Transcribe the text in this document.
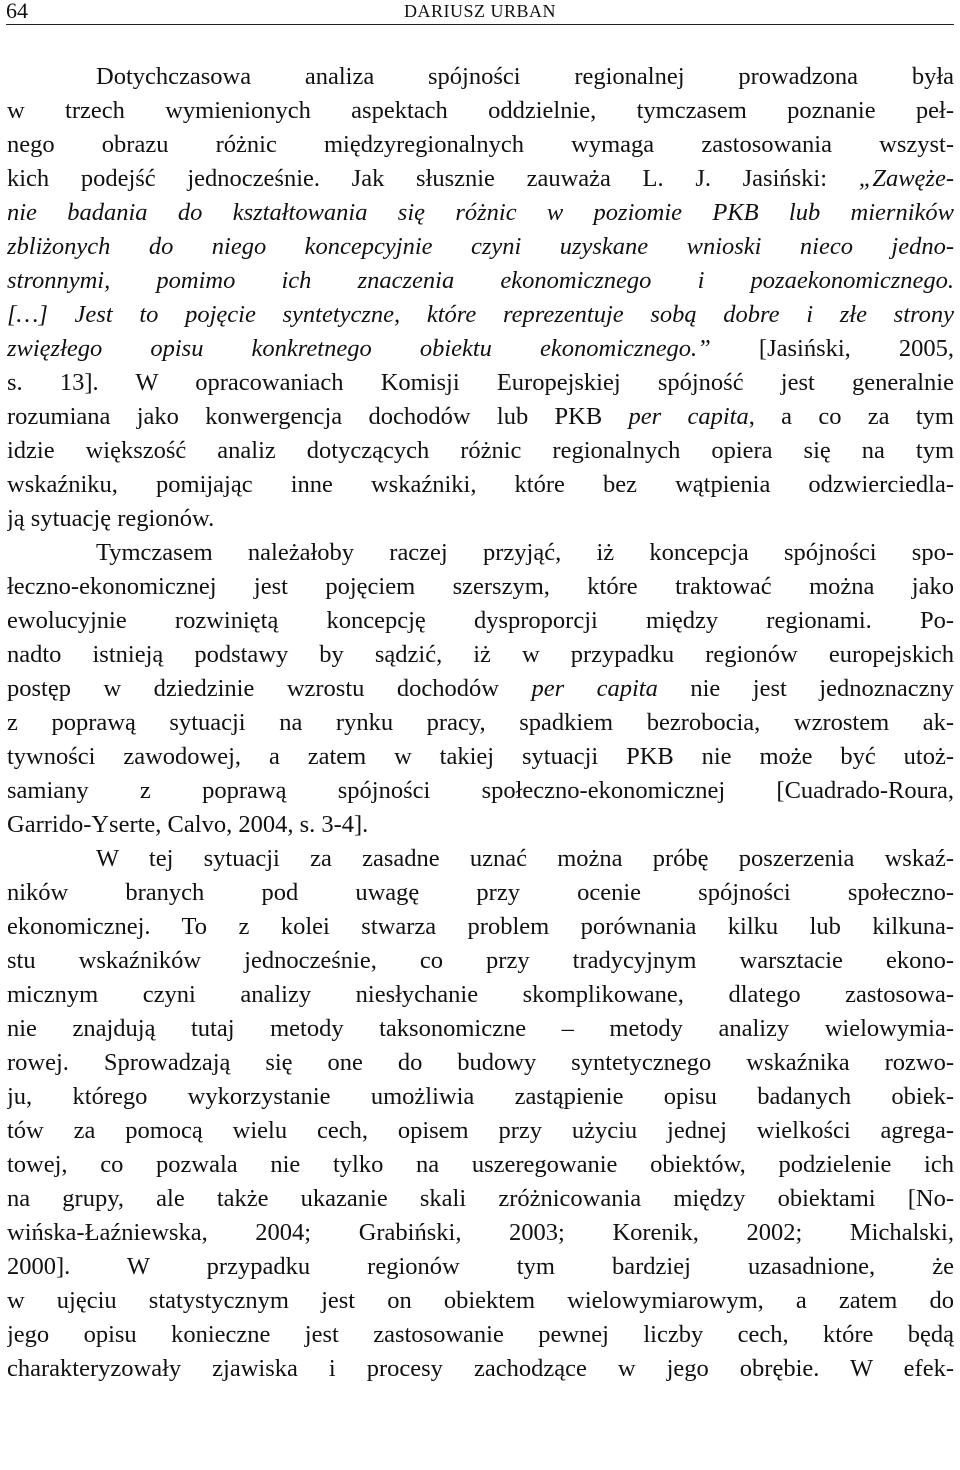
64	DARIUSZ URBAN
Dotychczasowa analiza spójności regionalnej prowadzona była
w trzech wymienionych aspektach oddzielnie, tymczasem poznanie peł-
nego obrazu różnic międzyregionalnych wymaga zastosowania wszyst-
kich podejść jednocześnie. Jak słusznie zauważa L. J. Jasiński: „Zawęże-
nie badania do kształtowania się różnic w poziomie PKB lub mierników
zbliżonych do niego koncepcyjnie czyni uzyskane wnioski nieco jedno-
stronnymi, pomimo ich znaczenia ekonomicznego i pozaekonomicznego.
[…] Jest to pojęcie syntetyczne, które reprezentuje sobą dobre i złe strony
zwięzłego opisu konkretnego obiektu ekonomicznego.” [Jasiński, 2005,
s. 13]. W opracowaniach Komisji Europejskiej spójność jest generalnie
rozumiana jako konwergencja dochodów lub PKB per capita, a co za tym
idzie większość analiz dotyczących różnic regionalnych opiera się na tym
wskaźniku, pomijając inne wskaźniki, które bez wątpienia odzwierciedla-
ją sytuację regionów.
Tymczasem należałoby raczej przyjąć, iż koncepcja spójności spo-
łeczno-ekonomicznej jest pojęciem szerszym, które traktować można jako
ewolucyjnie rozwiniętą koncepcję dysproporcji między regionami. Po-
nadto istnieją podstawy by sądzić, iż w przypadku regionów europejskich
postęp w dziedzinie wzrostu dochodów per capita nie jest jednoznaczny
z poprawą sytuacji na rynku pracy, spadkiem bezrobocia, wzrostem ak-
tywności zawodowej, a zatem w takiej sytuacji PKB nie może być utoż-
samiany z poprawą spójności społeczno-ekonomicznej [Cuadrado-Roura,
Garrido-Yserte, Calvo, 2004, s. 3-4].
W tej sytuacji za zasadne uznać można próbę poszerzenia wskaź-
ników branych pod uwagę przy ocenie spójności społeczno-
ekonomicznej. To z kolei stwarza problem porównania kilku lub kilkuna-
stu wskaźników jednocześnie, co przy tradycyjnym warsztacie ekono-
micznym czyni analizy niesłychanie skomplikowane, dlatego zastosowa-
nie znajdują tutaj metody taksonomiczne – metody analizy wielowymia-
rowej. Sprowadzają się one do budowy syntetycznego wskaźnika rozwo-
ju, którego wykorzystanie umożliwia zastąpienie opisu badanych obiek-
tów za pomocą wielu cech, opisem przy użyciu jednej wielkości agrega-
towej, co pozwala nie tylko na uszeregowanie obiektów, podzielenie ich
na grupy, ale także ukazanie skali zróżnicowania między obiektami [No-
wińska-Łaźniewska, 2004; Grabiński, 2003; Korenik, 2002; Michalski,
2000]. W przypadku regionów tym bardziej uzasadnione, że
w ujęciu statystycznym jest on obiektem wielowymiarowym, a zatem do
jego opisu konieczne jest zastosowanie pewnej liczby cech, które będą
charakteryzowały zjawiska i procesy zachodzące w jego obrębie. W efek-
